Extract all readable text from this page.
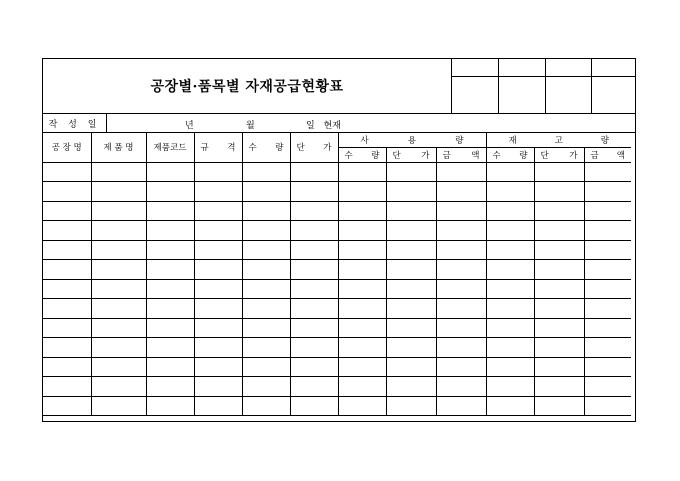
공장별·품목별 자재공급현황표
작 성 일	년	월	일 현재
공 장 명	제 품 명	제품코드	규 격	수 량	단 가	사 용 량			재 고 량		

						수 량	단 가	금 액	수 량	단 가	금 액
